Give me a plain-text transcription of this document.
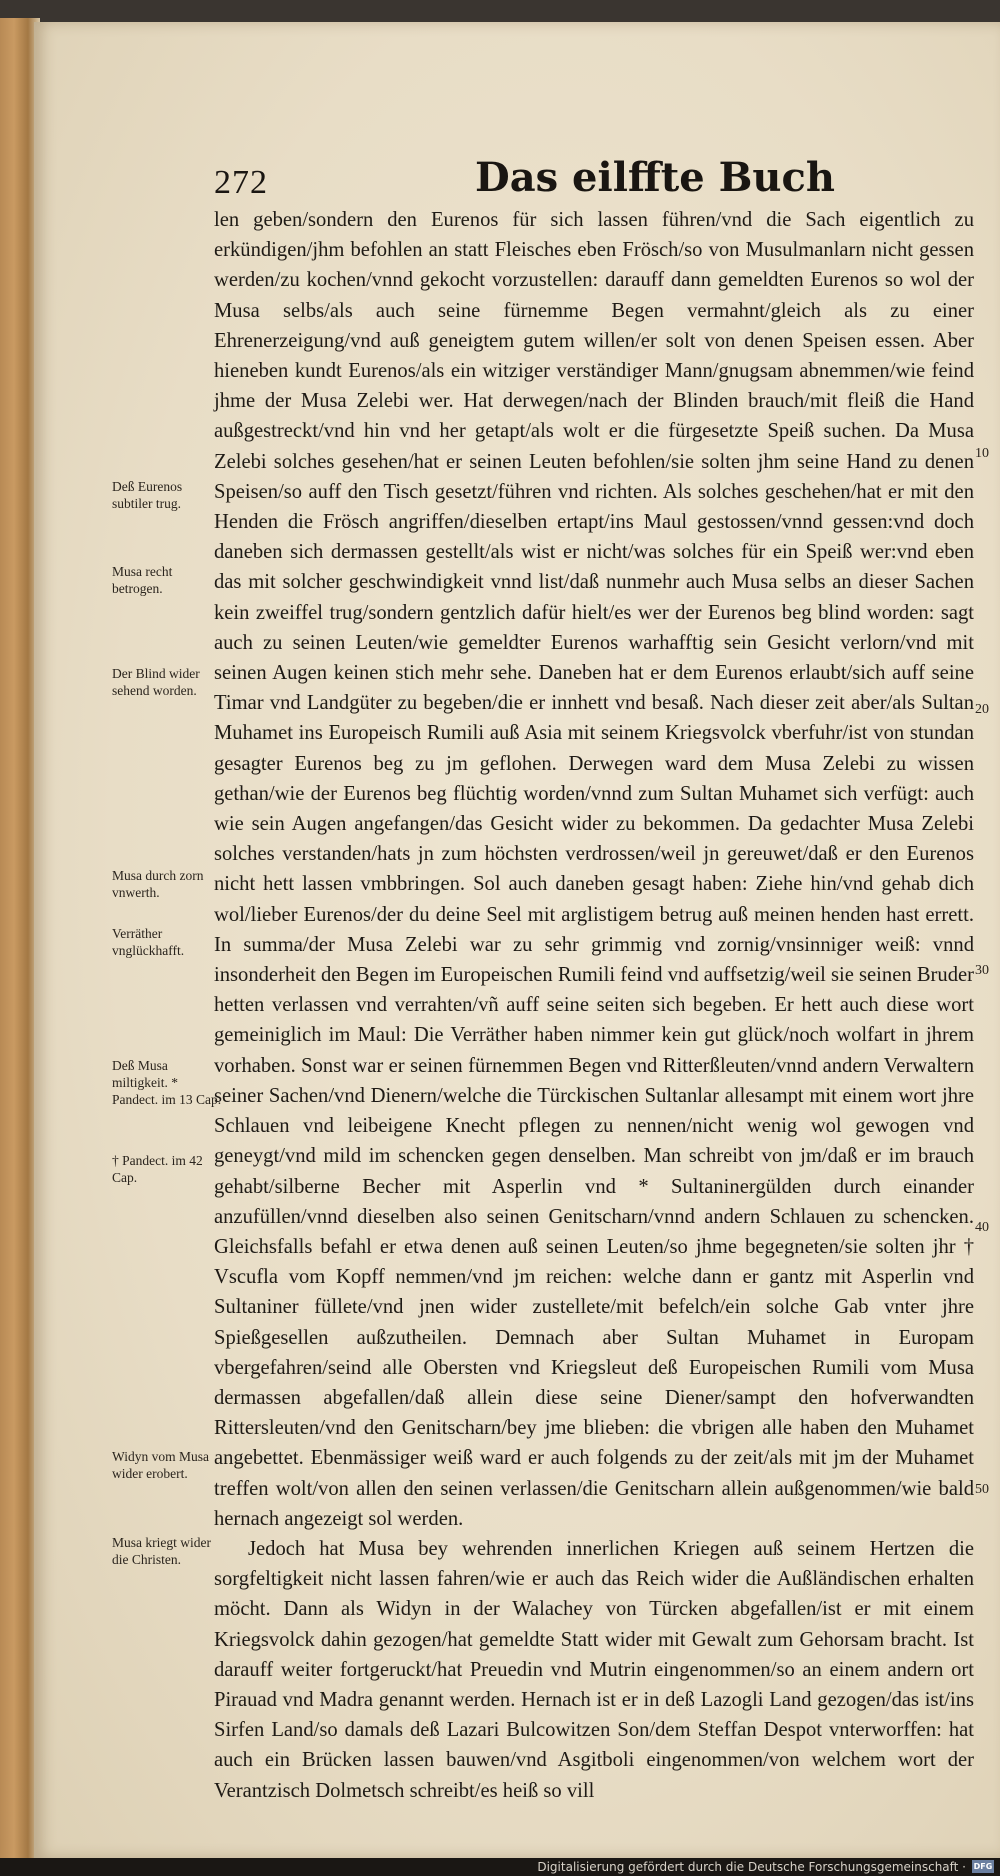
272	Das eilffte Buch

len geben/sondern den Eurenos für sich lassen führen/vnd die Sach eigentlich zu erkündigen/jhm befohlen an statt Fleisches eben Frösch/so von Musulmanlarn nicht gessen werden/zu kochen/vnnd gekocht vorzustellen: darauff dann gemeldten Eurenos so wol der Musa selbs/als auch seine fürnemme Begen vermahnt/gleich als zu einer Ehrenerzeigung/vnd auß geneigtem gutem willen/er solt von denen Speisen essen. Aber hieneben kundt Eurenos/als ein witziger verständiger Mann/gnugsam abnemmen/wie feind jhme der Musa Zelebi wer. Hat derwegen/nach der Blinden brauch/mit fleiß die Hand außgestreckt/vnd hin vnd her getapt/als wolt er die fürgesetzte Speiß suchen. Da Musa Zelebi solches gesehen/hat er seinen Leuten befohlen/sie solten jhm seine Hand zu denen Speisen/so auff den Tisch gesetzt/führen vnd richten. Als solches geschehen/hat er mit den Henden die Frösch angriffen/dieselben ertapt/ins Maul gestossen/vnnd gessen:vnd doch daneben sich dermassen gestellt/als wist er nicht/was solches für ein Speiß wer:vnd eben das mit solcher geschwindigkeit vnnd list/daß nunmehr auch Musa selbs an dieser Sachen kein zweiffel trug/sondern gentzlich dafür hielt/es wer der Eurenos beg blind worden: sagt auch zu seinen Leuten/wie gemeldter Eurenos warhafftig sein Gesicht verlorn/vnd mit seinen Augen keinen stich mehr sehe. Daneben hat er dem Eurenos erlaubt/sich auff seine Timar vnd Landgüter zu begeben/die er innhett vnd besaß. Nach dieser zeit aber/als Sultan Muhamet ins Europeisch Rumili auß Asia mit seinem Kriegsvolck vberfuhr/ist von stundan gesagter Eurenos beg zu jm geflohen. Derwegen ward dem Musa Zelebi zu wissen gethan/wie der Eurenos beg flüchtig worden/vnnd zum Sultan Muhamet sich verfügt: auch wie sein Augen angefangen/das Gesicht wider zu bekommen. Da gedachter Musa Zelebi solches verstanden/hats jn zum höchsten verdrossen/weil jn gereuwet/daß er den Eurenos nicht hett lassen vmbbringen. Sol auch daneben gesagt haben: Ziehe hin/vnd gehab dich wol/lieber Eurenos/der du deine Seel mit arglistigem betrug auß meinen henden hast errett. In summa/der Musa Zelebi war zu sehr grimmig vnd zornig/vnsinniger weiß: vnnd insonderheit den Begen im Europeischen Rumili feind vnd auffsetzig/weil sie seinen Bruder hetten verlassen vnd verrahten/vñ auff seine seiten sich begeben. Er hett auch diese wort gemeiniglich im Maul: Die Verräther haben nimmer kein gut glück/noch wolfart in jhrem vorhaben. Sonst war er seinen fürnemmen Begen vnd Ritterßleuten/vnnd andern Verwaltern seiner Sachen/vnd Dienern/welche die Türckischen Sultanlar allesampt mit einem wort jhre Schlauen vnd leibeigene Knecht pflegen zu nennen/nicht wenig wol gewogen vnd geneygt/vnd mild im schencken gegen denselben. Man schreibt von jm/daß er im brauch gehabt/silberne Becher mit Asperlin vnd * Sultaninergülden durch einander anzufüllen/vnnd dieselben also seinen Genitscharn/vnnd andern Schlauen zu schencken. Gleichsfalls befahl er etwa denen auß seinen Leuten/so jhme begegneten/sie solten jhr † Vscufla vom Kopff nemmen/vnd jm reichen: welche dann er gantz mit Asperlin vnd Sultaniner füllete/vnd jnen wider zustellete/mit befelch/ein solche Gab vnter jhre Spießgesellen außzutheilen. Demnach aber Sultan Muhamet in Europam vbergefahren/seind alle Obersten vnd Kriegsleut deß Europeischen Rumili vom Musa dermassen abgefallen/daß allein diese seine Diener/sampt den hofverwandten Rittersleuten/vnd den Genitscharn/bey jme blieben: die vbrigen alle haben den Muhamet angebettet. Ebenmässiger weiß ward er auch folgends zu der zeit/als mit jm der Muhamet treffen wolt/von allen den seinen verlassen/die Genitscharn allein außgenommen/wie bald hernach angezeigt sol werden.

Jedoch hat Musa bey wehrenden innerlichen Kriegen auß seinem Hertzen die sorgfeltigkeit nicht lassen fahren/wie er auch das Reich wider die Außländischen erhalten möcht. Dann als Widyn in der Walachey von Türcken abgefallen/ist er mit einem Kriegsvolck dahin gezogen/hat gemeldte Statt wider mit Gewalt zum Gehorsam bracht. Ist darauff weiter fortgeruckt/hat Preuedin vnd Mutrin eingenommen/so an einem andern ort Pirauad vnd Madra genannt werden. Hernach ist er in deß Lazogli Land gezogen/das ist/ins Sirfen Land/so damals deß Lazari Bulcowitzen Son/dem Steffan Despot vnterworffen: hat auch ein Brücken lassen bauwen/vnd Asgitboli eingenommen/von welchem wort der Verantzisch Dolmetsch schreibt/es heiß so vill

Deß Eurenos subtiler trug.
Musa recht betrogen.
Der Blind wider sehend worden.
Musa durch zorn vnwerth.
Verräther vnglückhafft.
Deß Musa miltigkeit. * Pandect. im 13 Cap.
† Pandect. im 42 Cap.
Widyn vom Musa wider erobert.
Musa kriegt wider die Christen.
10
20
30
40
50
Digitalisierung gefördert durch die Deutsche Forschungsgemeinschaft · DFG
